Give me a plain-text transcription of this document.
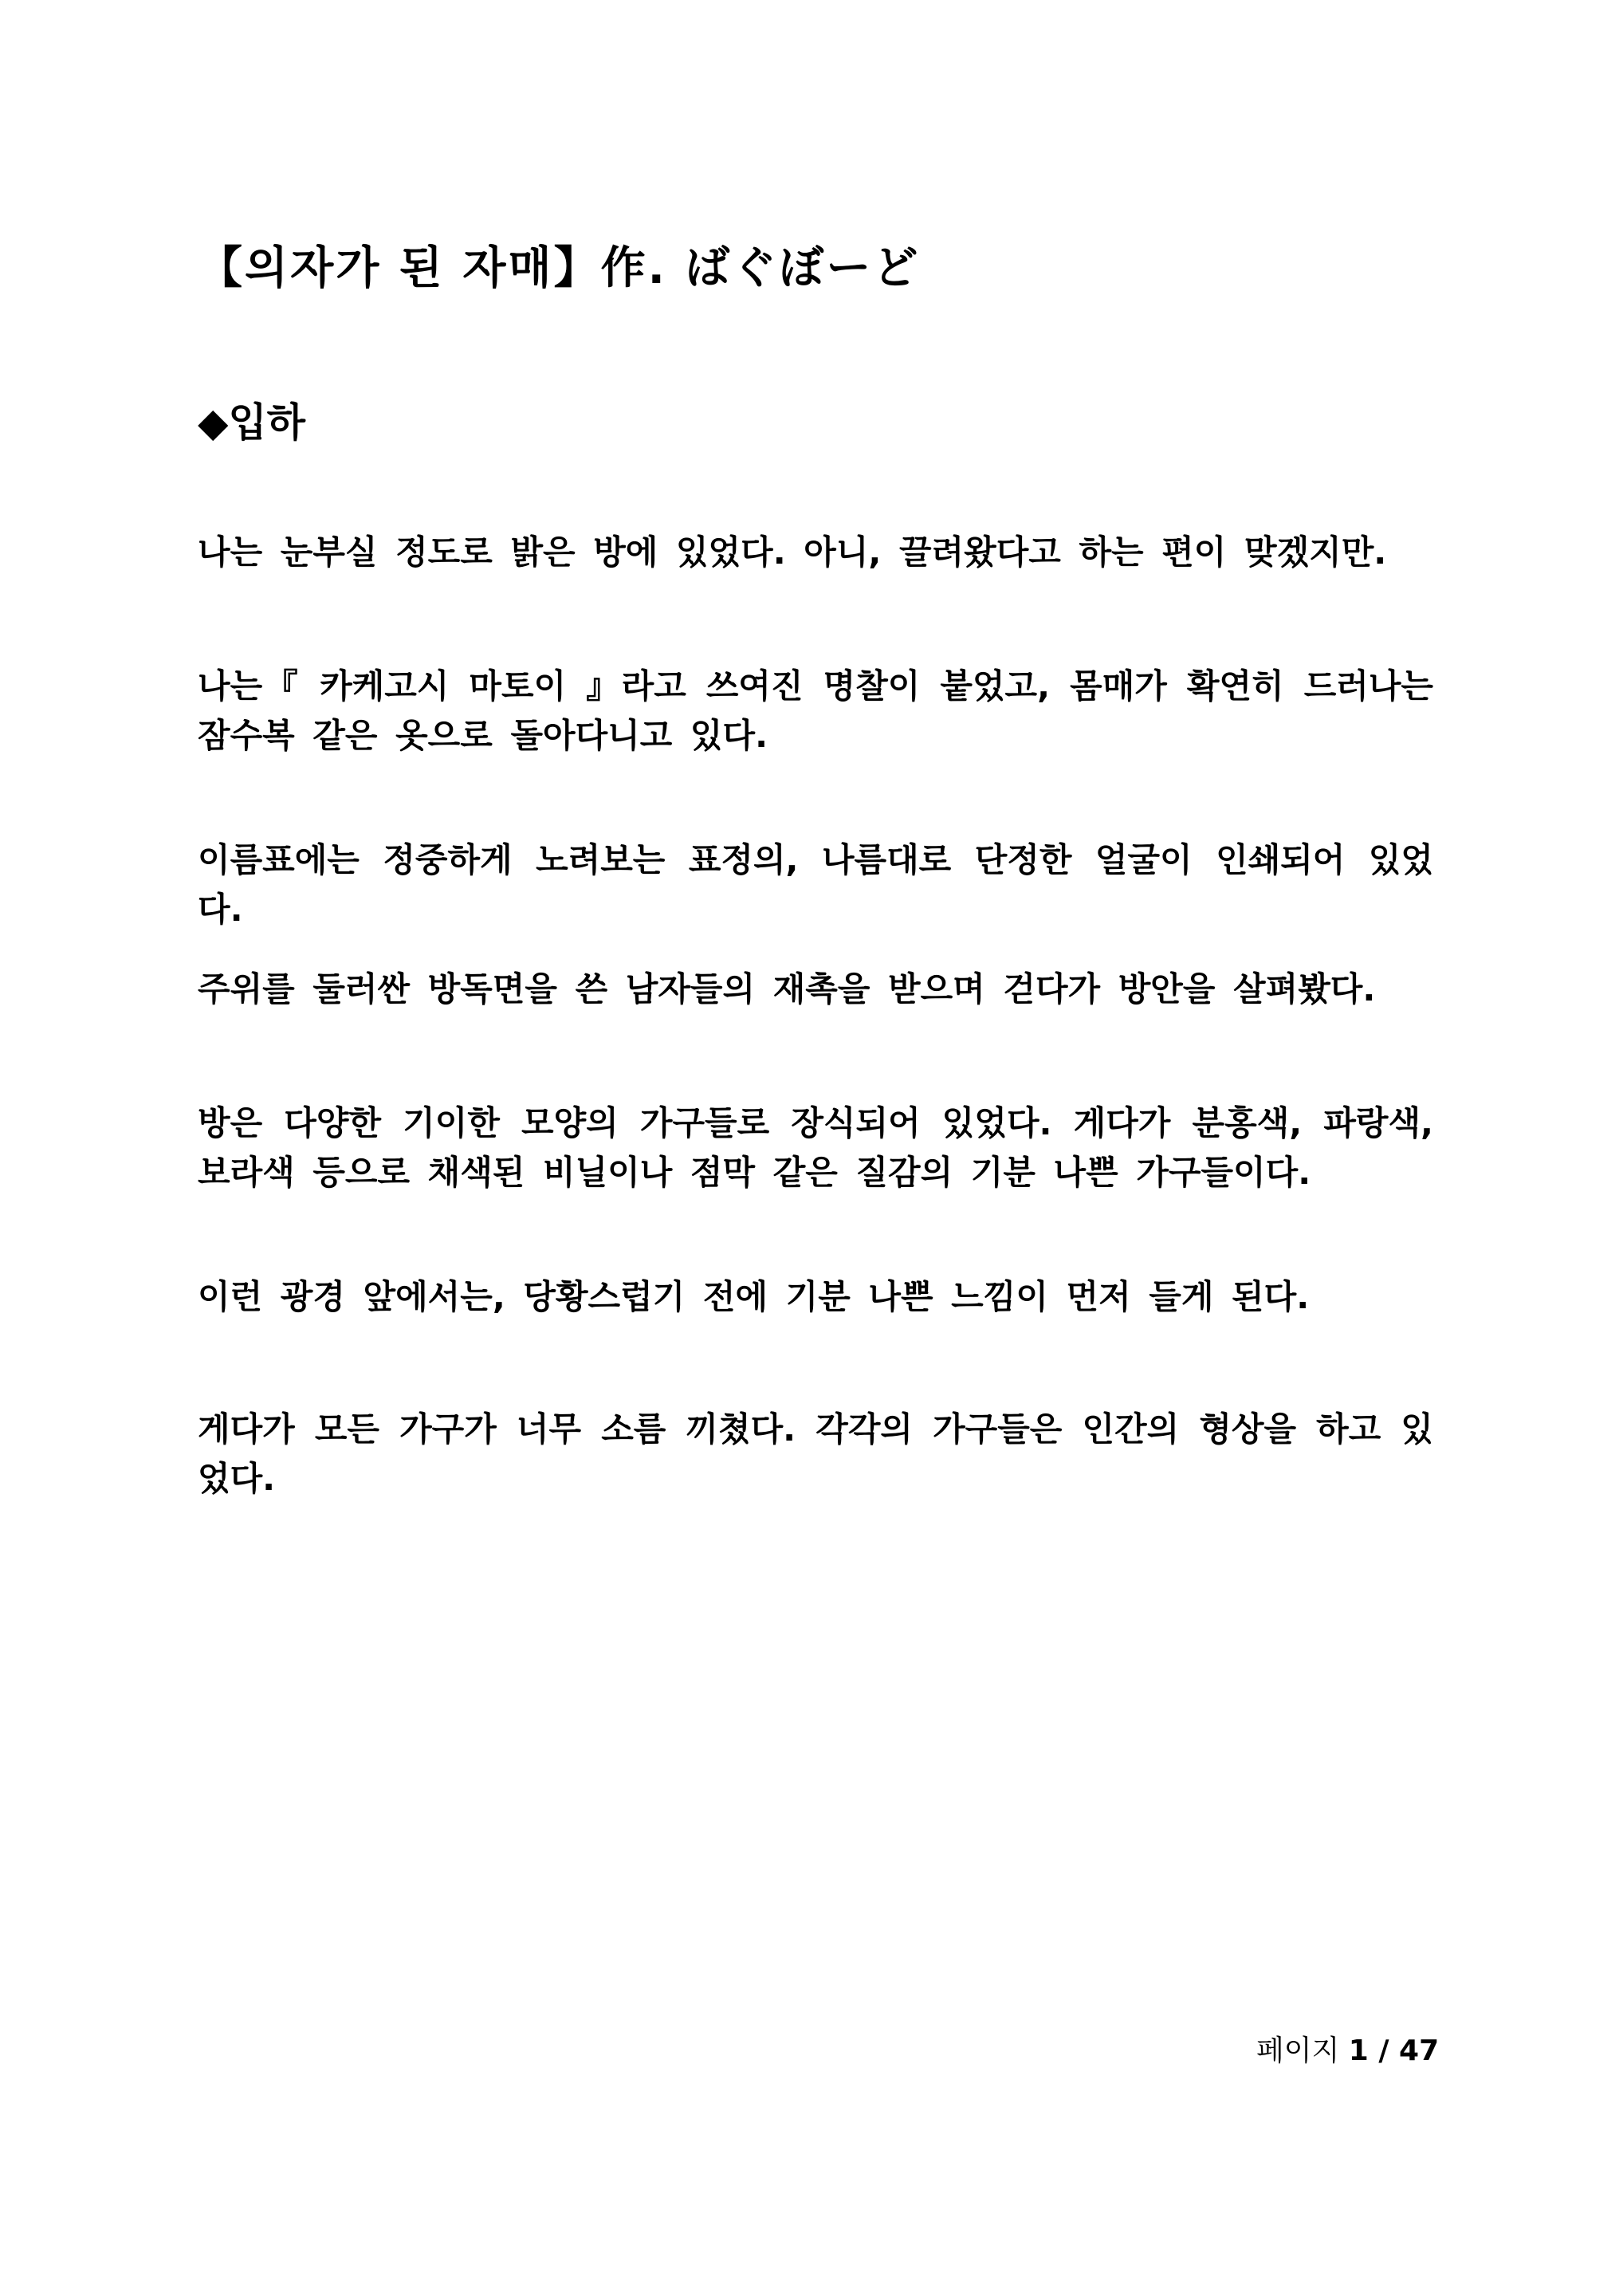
【의자가 된 자매】作. ばぐぼーど
◆입하

나는 눈부실 정도로 밝은 방에 있었다. 아니, 끌려왔다고 하는 편이 맞겠지만.

나는『 카케고시 마토이 』라고 쓰여진 명찰이 붙었고, 몸매가 확연히 드러나는 잠수복 같은 옷으로 돌아다니고 있다.

이름표에는 정중하게 노려보는 표정의, 나름대로 단정한 얼굴이 인쇄되어 있었다.

주위를 둘러싼 방독면을 쓴 남자들의 재촉을 받으며 걷다가 방안을 살펴봤다.

방은 다양한 기이한 모양의 가구들로 장식되어 있었다. 게다가 분홍색, 파랑색, 보라색 등으로 채색된 비닐이나 점막 같은 질감의 기분 나쁜 가구들이다.

이런 광경 앞에서는, 당황스럽기 전에 기분 나쁜 느낌이 먼저 들게 된다.

게다가 모든 가구가 너무 소름 끼쳤다. 각각의 가구들은 인간의 형상을 하고 있었다.

페이지 1 / 47
